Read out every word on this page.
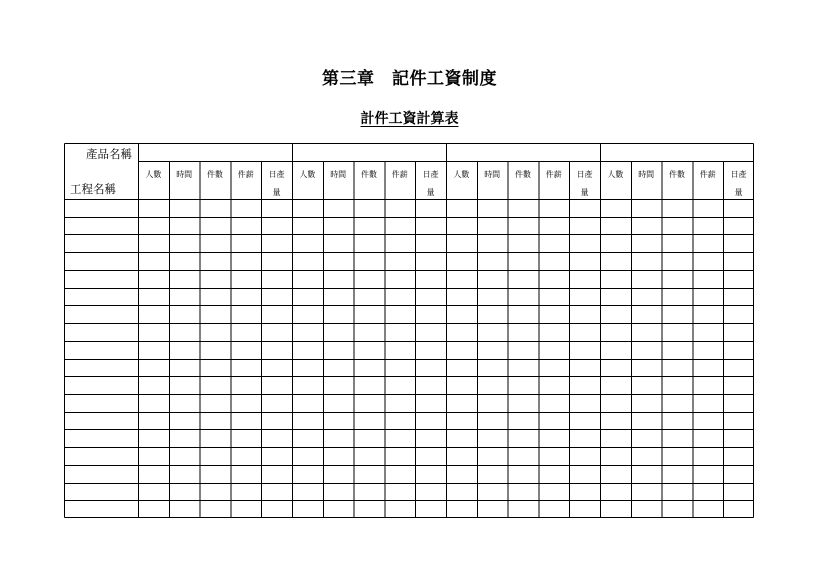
第三章　記件工資制度
計件工資計算表
產品名稱
工程名稱
人數 時間 件數 件薪 日產
量
人數 時間 件數 件薪 日產
量
人數 時間 件數 件薪 日產
量
人數 時間 件數 件薪 日產
量
